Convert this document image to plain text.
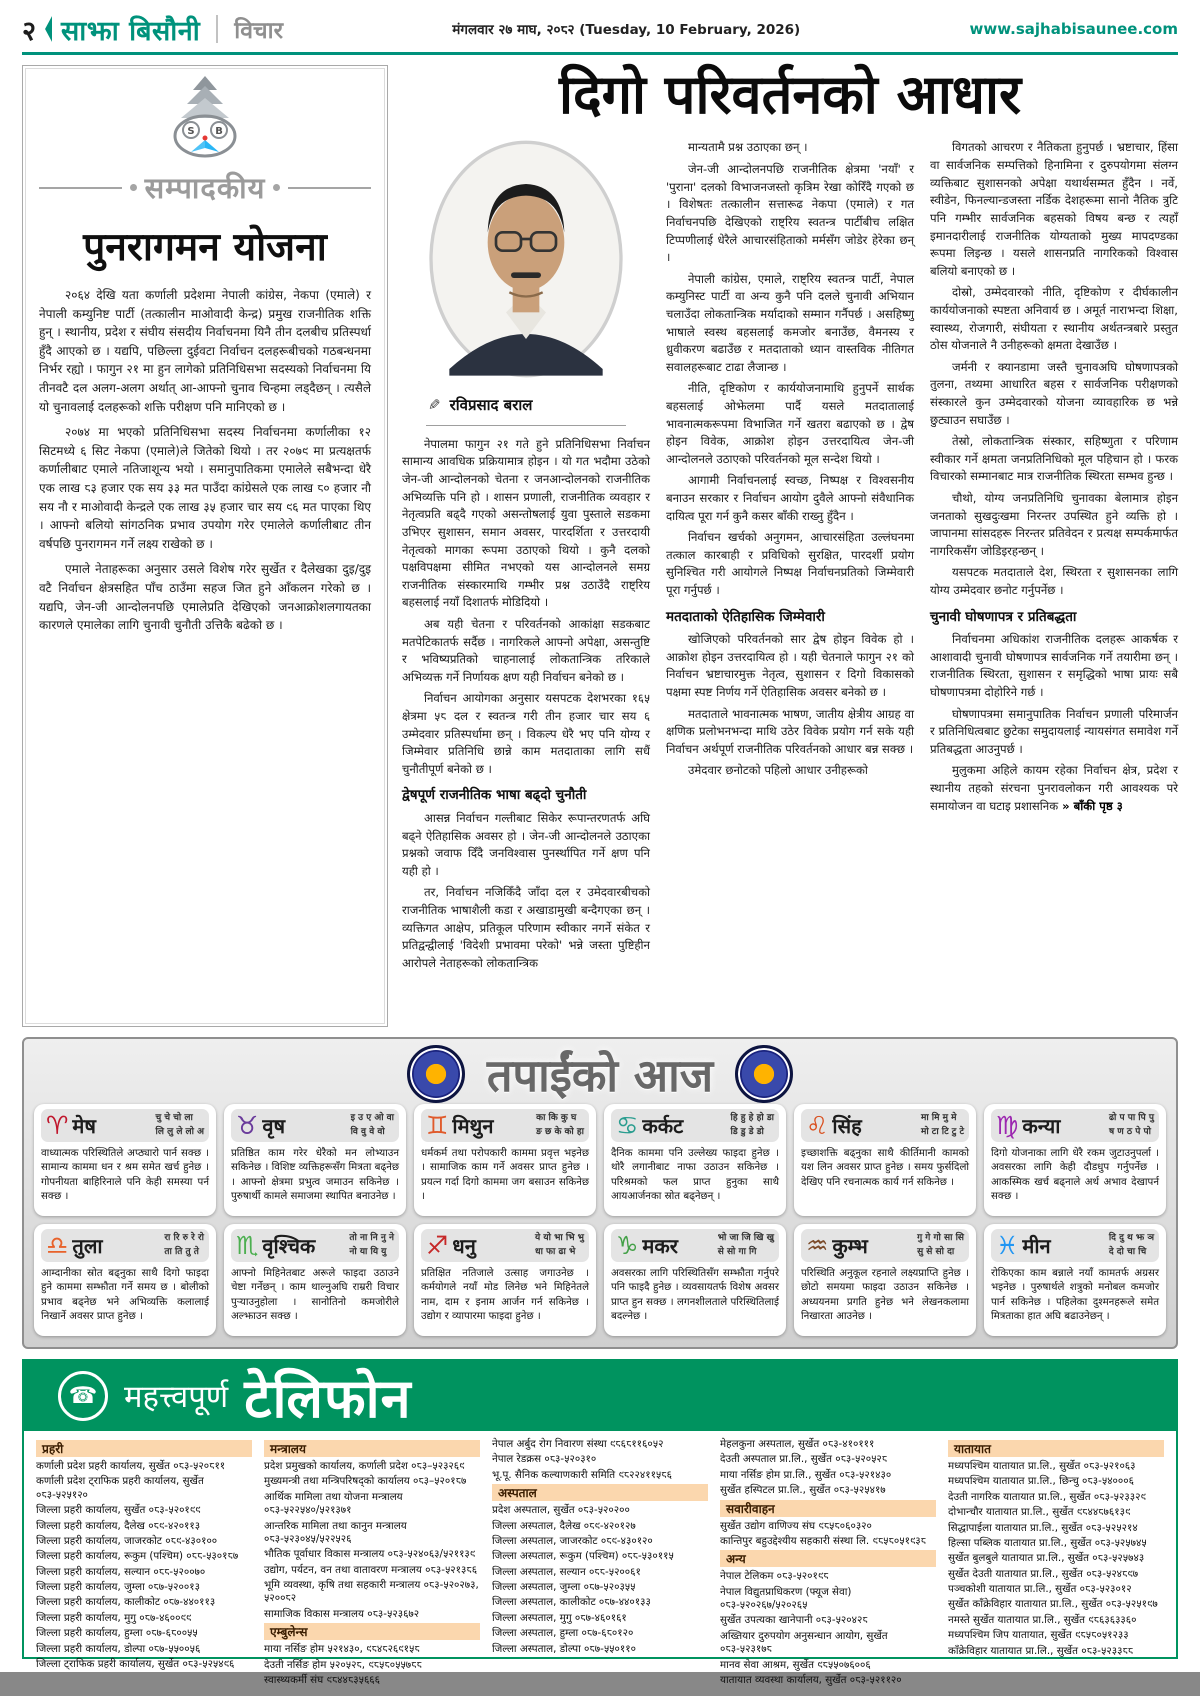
२ साझा बिसौनी विचार	मंगलवार २७ माघ, २०८२ (Tuesday, 10 February, 2026)	www.sajhabisaunee.com
S B
सम्पादकीय
पुनरागमन योजना

२०६४ देखि यता कर्णाली प्रदेशमा नेपाली कांग्रेस, नेकपा (एमाले) र नेपाली कम्युनिष्ट पार्टी (तत्कालीन माओवादी केन्द्र) प्रमुख राजनीतिक शक्ति हुन् । स्थानीय, प्रदेश र संघीय संसदीय निर्वाचनमा यिनै तीन दलबीच प्रतिस्पर्धा हुँदै आएको छ । यद्यपि, पछिल्ला दुईवटा निर्वाचन दलहरूबीचको गठबन्धनमा निर्भर रह्यो । फागुन २१ मा हुन लागेको प्रतिनिधिसभा सदस्यको निर्वाचनमा यि तीनवटै दल अलग-अलग अर्थात् आ-आफ्नो चुनाव चिन्हमा लड्दैछन् । त्यसैले यो चुनावलाई दलहरूको शक्ति परीक्षण पनि मानिएको छ ।

२०७४ मा भएको प्रतिनिधिसभा सदस्य निर्वाचनमा कर्णालीका १२ सिटमध्ये ६ सिट नेकपा (एमाले)ले जितेको थियो । तर २०७९ मा प्रत्यक्षतर्फ कर्णालीबाट एमाले नतिजाशून्य भयो । समानुपातिकमा एमालेले सबैभन्दा धेरै एक लाख ८३ हजार एक सय ३३ मत पाउँदा कांग्रेसले एक लाख ८० हजार नौ सय नौ र माओवादी केन्द्रले एक लाख ३५ हजार चार सय ९६ मत पाएका थिए । आफ्नो बलियो सांगठनिक प्रभाव उपयोग गरेर एमालेले कर्णालीबाट तीन वर्षपछि पुनरागमन गर्ने लक्ष्य राखेको छ ।

एमाले नेताहरूका अनुसार उसले विशेष गरेर सुर्खेत र दैलेखका दुइ/दुइ वटै निर्वाचन क्षेत्रसहित पाँच ठाउँमा सहज जित हुने आँकलन गरेको छ । यद्यपि, जेन-जी आन्दोलनपछि एमालेप्रति देखिएको जनआक्रोशलगायतका कारणले एमालेका लागि चुनावी चुनौती उत्तिकै बढेको छ ।

दिगो परिवर्तनको आधार
✎ रविप्रसाद बराल

नेपालमा फागुन २१ गते हुने प्रतिनिधिसभा निर्वाचन सामान्य आवधिक प्रक्रियामात्र होइन । यो गत भदौमा उठेको जेन-जी आन्दोलनको चेतना र जनआन्दोलनको राजनीतिक अभिव्यक्ति पनि हो । शासन प्रणाली, राजनीतिक व्यवहार र नेतृत्वप्रति बढ्दै गएको असन्तोषलाई युवा पुस्ताले सडकमा उभिएर सुशासन, समान अवसर, पारदर्शिता र उत्तरदायी नेतृत्वको मागका रूपमा उठाएको थियो । कुनै दलको पक्षविपक्षमा सीमित नभएको यस आन्दोलनले समग्र राजनीतिक संस्कारमाथि गम्भीर प्रश्न उठाउँदै राष्ट्रिय बहसलाई नयाँ दिशातर्फ मोडिदियो ।

अब यही चेतना र परिवर्तनको आकांक्षा सडकबाट मतपेटिकातर्फ सर्दैछ । नागरिकले आफ्नो अपेक्षा, असन्तुष्टि र भविष्यप्रतिको चाहनालाई लोकतान्त्रिक तरिकाले अभिव्यक्त गर्ने निर्णायक क्षण यही निर्वाचन बनेको छ ।

निर्वाचन आयोगका अनुसार यसपटक देशभरका १६५ क्षेत्रमा ५८ दल र स्वतन्त्र गरी तीन हजार चार सय ६ उम्मेदवार प्रतिस्पर्धामा छन् । विकल्प धेरै भए पनि योग्य र जिम्मेवार प्रतिनिधि छान्ने काम मतदाताका लागि सधैं चुनौतीपूर्ण बनेको छ ।

द्वेषपूर्ण राजनीतिक भाषा बढ्दो चुनौती

आसन्न निर्वाचन गल्तीबाट सिकेर रूपान्तरणतर्फ अघि बढ्ने ऐतिहासिक अवसर हो । जेन-जी आन्दोलनले उठाएका प्रश्नको जवाफ दिँदै जनविश्वास पुनर्स्थापित गर्ने क्षण पनि यही हो ।

तर, निर्वाचन नजिकिँदै जाँदा दल र उमेदवारबीचको राजनीतिक भाषाशैली कडा र अखाडामुखी बन्दैगएका छन् । व्यक्तिगत आक्षेप, प्रतिकूल परिणाम स्वीकार नगर्ने संकेत र प्रतिद्वन्द्वीलाई 'विदेशी प्रभावमा परेको' भन्ने जस्ता पुष्टिहीन आरोपले नेताहरूको लोकतान्त्रिक

मान्यतामै प्रश्न उठाएका छन् ।

जेन-जी आन्दोलनपछि राजनीतिक क्षेत्रमा 'नयाँ' र 'पुराना' दलको विभाजनजस्तो कृत्रिम रेखा कोरिँदै गएको छ । विशेषतः तत्कालीन सत्तारूढ नेकपा (एमाले) र गत निर्वाचनपछि देखिएको राष्ट्रिय स्वतन्त्र पार्टीबीच लक्षित टिप्पणीलाई धेरैले आचारसंहिताको मर्मसँग जोडेर हेरेका छन् ।

नेपाली कांग्रेस, एमाले, राष्ट्रिय स्वतन्त्र पार्टी, नेपाल कम्युनिस्ट पार्टी वा अन्य कुनै पनि दलले चुनावी अभियान चलाउँदा लोकतान्त्रिक मर्यादाको सम्मान गर्नैपर्छ । असहिष्णु भाषाले स्वस्थ बहसलाई कमजोर बनाउँछ, वैमनस्य र ध्रुवीकरण बढाउँछ र मतदाताको ध्यान वास्तविक नीतिगत सवालहरूबाट टाढा लैजान्छ ।

नीति, दृष्टिकोण र कार्ययोजनामाथि हुनुपर्ने सार्थक बहसलाई ओझेलमा पार्दै यसले मतदातालाई भावनात्मकरूपमा विभाजित गर्ने खतरा बढाएको छ । द्वेष होइन विवेक, आक्रोश होइन उत्तरदायित्व जेन-जी आन्दोलनले उठाएको परिवर्तनको मूल सन्देश थियो ।

आगामी निर्वाचनलाई स्वच्छ, निष्पक्ष र विश्वसनीय बनाउन सरकार र निर्वाचन आयोग दुवैले आफ्नो संवैधानिक दायित्व पूरा गर्न कुनै कसर बाँकी राख्नु हुँदैन ।

निर्वाचन खर्चको अनुगमन, आचारसंहिता उल्लंघनमा तत्काल कारबाही र प्रविधिको सुरक्षित, पारदर्शी प्रयोग सुनिश्चित गरी आयोगले निष्पक्ष निर्वाचनप्रतिको जिम्मेवारी पूरा गर्नुपर्छ ।

मतदाताको ऐतिहासिक जिम्मेवारी

खोजिएको परिवर्तनको सार द्वेष होइन विवेक हो । आक्रोश होइन उत्तरदायित्व हो । यही चेतनाले फागुन २१ को निर्वाचन भ्रष्टाचारमुक्त नेतृत्व, सुशासन र दिगो विकासको पक्षमा स्पष्ट निर्णय गर्ने ऐतिहासिक अवसर बनेको छ ।

मतदाताले भावनात्मक भाषण, जातीय क्षेत्रीय आग्रह वा क्षणिक प्रलोभनभन्दा माथि उठेर विवेक प्रयोग गर्न सके यही निर्वाचन अर्थपूर्ण राजनीतिक परिवर्तनको आधार बन्न सक्छ ।

उमेदवार छनोटको पहिलो आधार उनीहरूको

विगतको आचरण र नैतिकता हुनुपर्छ । भ्रष्टाचार, हिंसा वा सार्वजनिक सम्पत्तिको हिनामिना र दुरुपयोगमा संलग्न व्यक्तिबाट सुशासनको अपेक्षा यथार्थसम्मत हुँदैन । नर्वे, स्वीडेन, फिनल्यान्डजस्ता नर्डिक देशहरूमा सानो नैतिक त्रुटि पनि गम्भीर सार्वजनिक बहसको विषय बन्छ र त्यहाँ इमानदारीलाई राजनीतिक योग्यताको मुख्य मापदण्डका रूपमा लिइन्छ । यसले शासनप्रति नागरिकको विश्वास बलियो बनाएको छ ।

दोस्रो, उम्मेदवारको नीति, दृष्टिकोण र दीर्घकालीन कार्ययोजनाको स्पष्टता अनिवार्य छ । अमूर्त नाराभन्दा शिक्षा, स्वास्थ्य, रोजगारी, संघीयता र स्थानीय अर्थतन्त्रबारे प्रस्तुत ठोस योजनाले नै उनीहरूको क्षमता देखाउँछ ।

जर्मनी र क्यानडामा जस्तै चुनावअघि घोषणापत्रको तुलना, तथ्यमा आधारित बहस र सार्वजनिक परीक्षणको संस्कारले कुन उम्मेदवारको योजना व्यावहारिक छ भन्ने छुट्याउन सघाउँछ ।

तेस्रो, लोकतान्त्रिक संस्कार, सहिष्णुता र परिणाम स्वीकार गर्ने क्षमता जनप्रतिनिधिको मूल पहिचान हो । फरक विचारको सम्मानबाट मात्र राजनीतिक स्थिरता सम्भव हुन्छ ।

चौथो, योग्य जनप्रतिनिधि चुनावका बेलामात्र होइन जनताको सुखदुःखमा निरन्तर उपस्थित हुने व्यक्ति हो । जापानमा सांसदहरू निरन्तर प्रतिवेदन र प्रत्यक्ष सम्पर्कमार्फत नागरिकसँग जोडिइरहन्छन् ।

यसपटक मतदाताले देश, स्थिरता र सुशासनका लागि योग्य उम्मेदवार छनोट गर्नुपर्नेछ ।

चुनावी घोषणापत्र र प्रतिबद्धता

निर्वाचनमा अधिकांश राजनीतिक दलहरू आकर्षक र आशावादी चुनावी घोषणापत्र सार्वजनिक गर्ने तयारीमा छन् । राजनीतिक स्थिरता, सुशासन र समृद्धिको भाषा प्रायः सबै घोषणापत्रमा दोहोरिने गर्छ ।

घोषणापत्रमा समानुपातिक निर्वाचन प्रणाली परिमार्जन र प्रतिनिधित्वबाट छुटेका समुदायलाई न्यायसंगत समावेश गर्ने प्रतिबद्धता आउनुपर्छ ।

मुलुकमा अहिले कायम रहेका निर्वाचन क्षेत्र, प्रदेश र स्थानीय तहको संरचना पुनरावलोकन गरी आवश्यक परे समायोजन वा घटाइ प्रशासनिक » बाँकी पृष्ठ ३

तपाईंको आज
♈ मेष	चु चे चो ला
लि लु ले लो अ
वाध्यात्मक परिस्थितिले अप्ठ्यारो पार्न सक्छ । सामान्य काममा धन र श्रम समेत खर्च हुनेछ । गोपनीयता बाहिरिनाले पनि केही समस्या पर्न सक्छ ।
♉ वृष	इ उ ए ओ वा
वि वु वे वो
प्रतिष्ठित काम गरेर धेरैको मन लोभ्याउन सकिनेछ । विशिष्ट व्यक्तिहरूसँग मित्रता बढ्नेछ । आफ्नो क्षेत्रमा प्रभुत्व जमाउन सकिनेछ । पुरुषार्थी कामले समाजमा स्थापित बनाउनेछ ।
♊ मिथुन	का कि कु घ
ङ छ के को हा
धर्मकर्म तथा परोपकारी काममा प्रवृत्त भइनेछ । सामाजिक काम गर्ने अवसर प्राप्त हुनेछ । प्रयत्न गर्दा दिगो काममा जग बसाउन सकिनेछ ।
♋ कर्कट	हि हु हे हो डा
डि डु डे डो
दैनिक काममा पनि उल्लेख्य फाइदा हुनेछ । थोरै लगानीबाट नाफा उठाउन सकिनेछ । परिश्रमको फल प्राप्त हुनुका साथै आयआर्जनका स्रोत बढ्नेछन् ।
♌ सिंह	मा मि मु मे
मो टा टि टु टे
इच्छाशक्ति बढ्नुका साथै कीर्तिमानी कामको यश लिन अवसर प्राप्त हुनेछ । समय फुर्सदिलो देखिए पनि रचनात्मक कार्य गर्न सकिनेछ ।
♍ कन्या	ढो प पा पि पु
ष ण ठ पे पो
दिगो योजनाका लागि धेरै रकम जुटाउनुपर्ला । अवसरका लागि केही दौडधुप गर्नुपर्नेछ । आकस्मिक खर्च बढ्नाले अर्थ अभाव देखापर्न सक्छ ।
♎ तुला	रा रि रु रे रो
ता ति तु ते
आम्दानीका स्रोत बढ्नुका साथै दिगो फाइदा हुने काममा सम्झौता गर्ने समय छ । बोलीको प्रभाव बढ्नेछ भने अभिव्यक्ति कलालाई निखार्ने अवसर प्राप्त हुनेछ ।
♏ वृश्चिक	तो ना नि नु ने
नो या यि यु
आफ्नो मिहिनेतबाट अरूले फाइदा उठाउने चेष्टा गर्नेछन् । काम थाल्नुअघि राम्ररी विचार पुर्‍याउनुहोला । सानोतिनो कमजोरीले अल्झाउन सक्छ ।
♐ धनु	ये यो भा भि भु
धा फा ढा भे
प्रतिक्षित नतिजाले उत्साह जगाउनेछ । कर्मयोगले नयाँ मोड लिनेछ भने मिहिनेतले नाम, दाम र इनाम आर्जन गर्न सकिनेछ । उद्योग र व्यापारमा फाइदा हुनेछ ।
♑ मकर	भो जा जि खि खु
से सो गा गि
अवसरका लागि परिस्थितिसँग सम्झौता गर्नुपरे पनि फाइदै हुनेछ । व्यवसायतर्फ विशेष अवसर प्राप्त हुन सक्छ । लगनशीलताले परिस्थितिलाई बदल्नेछ ।
♒ कुम्भ	गु गे गो सा सि
सु से सो दा
परिस्थिति अनुकूल रहनाले लक्ष्यप्राप्ति हुनेछ । छोटो समयमा फाइदा उठाउन सकिनेछ । अध्ययनमा प्रगति हुनेछ भने लेखनकलामा निखारता आउनेछ ।
♓ मीन	दि दु थ झ ञ
दे दो चा चि
रोकिएका काम बन्नाले नयाँ कामतर्फ अग्रसर भइनेछ । पुरुषार्थले शत्रुको मनोबल कमजोर पार्न सकिनेछ । पहिलेका दुश्मनहरूले समेत मित्रताका हात अघि बढाउनेछन् ।
☎ महत्त्वपूर्ण टेलिफोन
प्रहरी
कर्णाली प्रदेश प्रहरी कार्यालय, सुर्खेत ०८३-५२०८११
कर्णाली प्रदेश ट्राफिक प्रहरी कार्यालय, सुर्खेत ०८३-५२५१२०
जिल्ला प्रहरी कार्यालय, सुर्खेत ०८३-५२०१९९
जिल्ला प्रहरी कार्यालय, दैलेख ०८९-४२०११३
जिल्ला प्रहरी कार्यालय, जाजरकोट ०८९-४३०१००
जिल्ला प्रहरी कार्यालय, रूकुम (पश्चिम) ०८८-५३०१८७
जिल्ला प्रहरी कार्यालय, सल्यान ०८८-५२००७०
जिल्ला प्रहरी कार्यालय, जुम्ला ०८७-५२००१३
जिल्ला प्रहरी कार्यालय, कालीकोट ०८७-४४०११३
जिल्ला प्रहरी कार्यालय, मुगु ०८७-४६००९९
जिल्ला प्रहरी कार्यालय, हुम्ला ०८७-६८००५५
जिल्ला प्रहरी कार्यालय, डोल्पा ०८७-५५००५६
जिल्ला ट्राफिक प्रहरी कार्यालय, सुर्खेत ०८३-५२५४९६
मन्त्रालय
प्रदेश प्रमुखको कार्यालय, कर्णाली प्रदेश ०८३–५२३२६९
मुख्यमन्त्री तथा मन्त्रिपरिषद्‌को कार्यालय ०८३–५२०१८७
आर्थिक मामिला तथा योजना मन्त्रालय ०८३-५२२५४०/५२१३७१
आन्तरिक मामिला तथा कानुन मन्त्रालय ०८३-५२३०४५/५२२५२६
भौतिक पूर्वाधार विकास मन्त्रालय ०८३-५२४०६३/५२११३९
उद्योग, पर्यटन, वन तथा वातावरण मन्त्रालय ०८३-५२१३८६
भूमि व्यवस्था, कृषि तथा सहकारी मन्त्रालय ०८३-५२०२७३, ५२००८२
सामाजिक विकास मन्त्रालय ०८३-५२३६७२
एम्बुलेन्स
माया नर्सिङ होम ५२१४३०, ९८४८२६९१५८
देउती नर्सिङ होम ५२०५२८, ९८५८०५५७८८
स्वास्थ्यकर्मी संघ ९८४४८३५६६६
नेपाल अर्बुद रोग निवारण संस्था ९८६८११६०५२
नेपाल रेडक्रस ०८३-५२०३१०
भू.पू. सैनिक कल्याणकारी समिति ९८२२४११५८६
अस्पताल
प्रदेश अस्पताल, सुर्खेत ०८३-५२०२००
जिल्ला अस्पताल, दैलेख ०८९-४२०१२७
जिल्ला अस्पताल, जाजरकोट ०८९-४३०१२०
जिल्ला अस्पताल, रूकुम (पश्चिम) ०८८-५३०११५
जिल्ला अस्पताल, सल्यान ०८८-५२००६१
जिल्ला अस्पताल, जुम्ला ०८७-५२०३५५
जिल्ला अस्पताल, कालीकोट ०८७-४४०१३३
जिल्ला अस्पताल, मुगु ०८७-४६०१६१
जिल्ला अस्पताल, हुम्ला ०८७-६८०१२०
जिल्ला अस्पताल, डोल्पा ०८७-५५०११०
मेहलकुना अस्पताल, सुर्खेत ०८३-४१०१११
देउती अस्पताल प्रा.लि., सुर्खेत ०८३-५२०५२८
माया नर्सिङ होम प्रा.लि., सुर्खेत ०८३-५२१४३०
सुर्खेत हस्पिटल प्रा.लि., सुर्खेत ०८३-५२५४१७
सवारीवाहन
सुर्खेत उद्योग वाणिज्य संघ ९८५८०६०३२०
कान्तिपुर बहुउद्देश्यीय सहकारी संस्था लि. ९८५८०५१९३८
अन्य
नेपाल टेलिकम ०८३-५२०१९८
नेपाल विद्युतप्राधिकरण (फ्यूज सेवा) ०८३-५२०२६७/५२०२६५
सुर्खेत उपत्यका खानेपानी ०८३-५२०४२८
अख्तियार दुरुपयोग अनुसन्धान आयोग, सुर्खेत ०८३-५२३१७८
मानव सेवा आश्रम, सुर्खेत ९८५५०७६००६
यातायात व्यवस्था कार्यालय, सुर्खेत ०८३-५२११२०
यातायात
मध्यपश्चिम यातायात प्रा.लि., सुर्खेत ०८३-५२१०६३
मध्यपश्चिम यातायात प्रा.लि., छिन्चु ०८३-५४०००६
देउती नागरिक यातायात प्रा.लि., सुर्खेत ०८३-५२३३२९
दोभान्चौर यातायात प्रा.लि., सुर्खेत ९८४४८७६१३९
सिद्धापाईला यातायात प्रा.लि., सुर्खेत ०८३-५२५२१४
हिल्सा पब्लिक यातायात प्रा.लि., सुर्खेत ०८३-५२५७४५
सुर्खेत बुलबुले यातायात प्रा.लि., सुर्खेत ०८३-५२५७४३
सुर्खेत देउती यातायात प्रा.लि., सुर्खेत ०८३-५२४८९७
पञ्चकोशी यातायात प्रा.लि., सुर्खेत ०८३-५२३०१२
सुर्खेत काँक्रेविहार यातायात प्रा.लि., सुर्खेत ०८३-५२५१९७
नमस्ते सुर्खेत यातायात प्रा.लि., सुर्खेत ९८६३६३३६०
मध्यपश्चिम जिप यातायात, सुर्खेत ९८५८०५१२३३
काँक्रेविहार यातायात प्रा.लि., सुर्खेत ०८३-५२३३८८
